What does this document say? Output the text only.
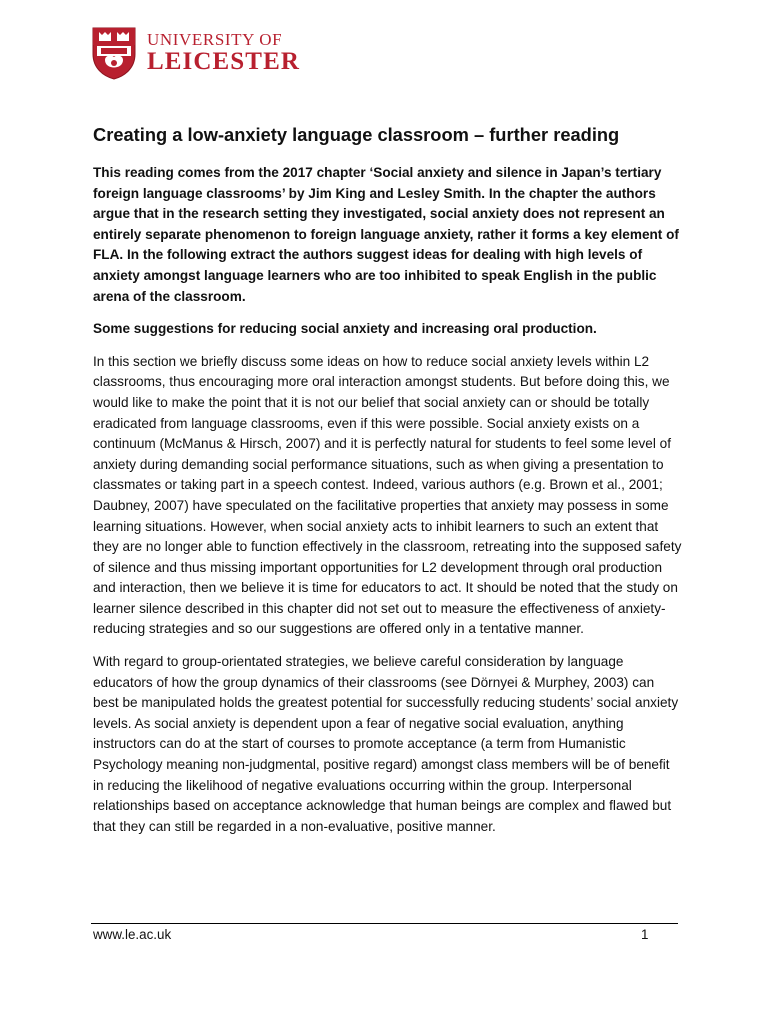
UNIVERSITY OF
LEICESTER
Creating a low-anxiety language classroom – further reading

This reading comes from the 2017 chapter ‘Social anxiety and silence in Japan’s tertiary foreign language classrooms’ by Jim King and Lesley Smith. In the chapter the authors argue that in the research setting they investigated, social anxiety does not represent an entirely separate phenomenon to foreign language anxiety, rather it forms a key element of FLA. In the following extract the authors suggest ideas for dealing with high levels of anxiety amongst language learners who are too inhibited to speak English in the public arena of the classroom.

Some suggestions for reducing social anxiety and increasing oral production.

In this section we briefly discuss some ideas on how to reduce social anxiety levels within L2 classrooms, thus encouraging more oral interaction amongst students. But before doing this, we would like to make the point that it is not our belief that social anxiety can or should be totally eradicated from language classrooms, even if this were possible. Social anxiety exists on a continuum (McManus & Hirsch, 2007) and it is perfectly natural for students to feel some level of anxiety during demanding social performance situations, such as when giving a presentation to classmates or taking part in a speech contest. Indeed, various authors (e.g. Brown et al., 2001; Daubney, 2007) have speculated on the facilitative properties that anxiety may possess in some learning situations. However, when social anxiety acts to inhibit learners to such an extent that they are no longer able to function effectively in the classroom, retreating into the supposed safety of silence and thus missing important opportunities for L2 development through oral production and interaction, then we believe it is time for educators to act. It should be noted that the study on learner silence described in this chapter did not set out to measure the effectiveness of anxiety-reducing strategies and so our suggestions are offered only in a tentative manner.

With regard to group-orientated strategies, we believe careful consideration by language educators of how the group dynamics of their classrooms (see Dörnyei & Murphey, 2003) can best be manipulated holds the greatest potential for successfully reducing students’ social anxiety levels. As social anxiety is dependent upon a fear of negative social evaluation, anything instructors can do at the start of courses to promote acceptance (a term from Humanistic Psychology meaning non-judgmental, positive regard) amongst class members will be of benefit in reducing the likelihood of negative evaluations occurring within the group. Interpersonal relationships based on acceptance acknowledge that human beings are complex and flawed but that they can still be regarded in a non-evaluative, positive manner.

www.le.ac.uk	1
